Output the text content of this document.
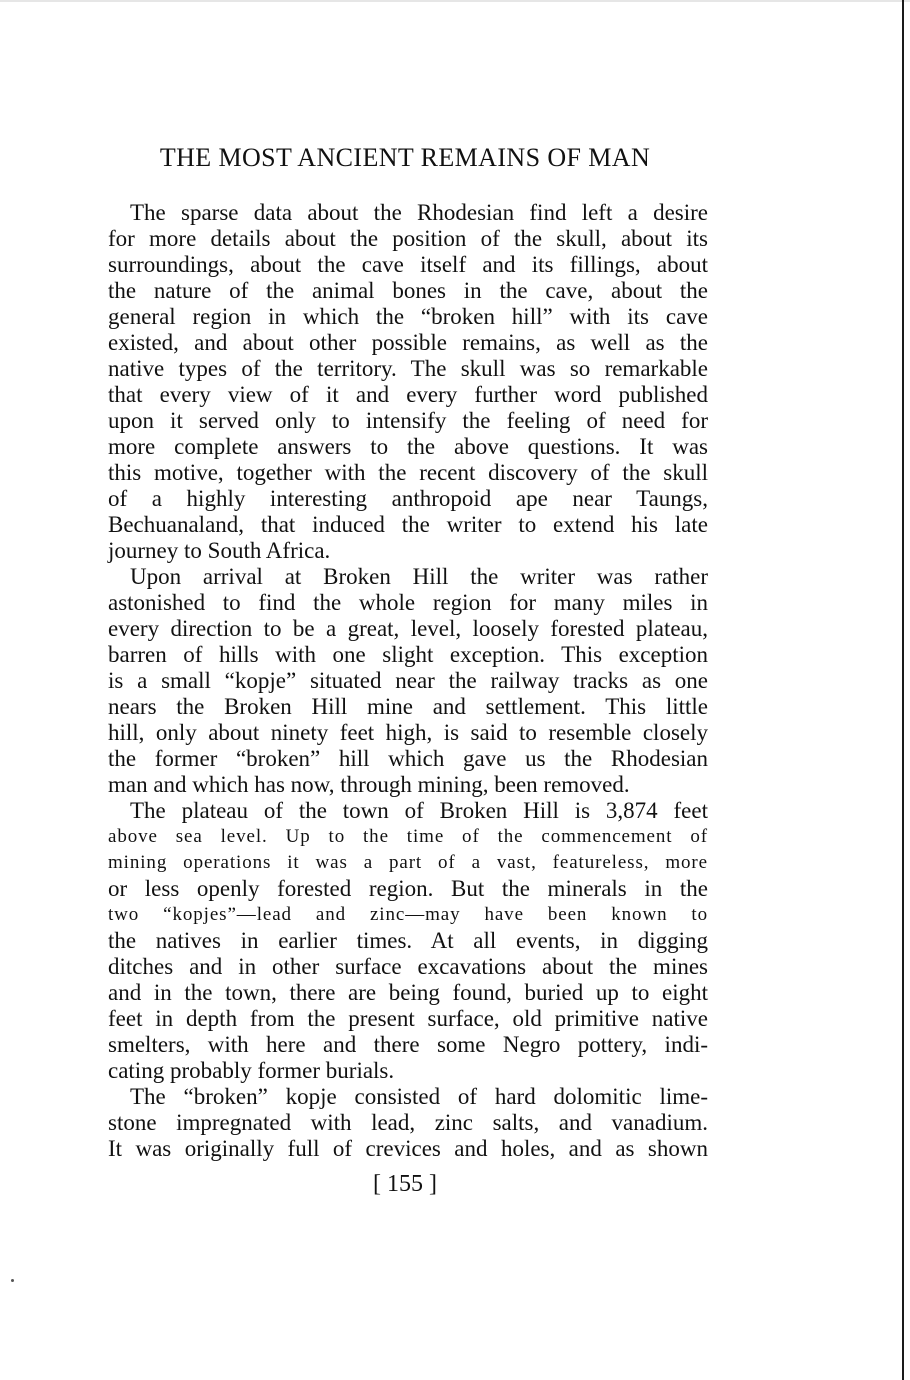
THE MOST ANCIENT REMAINS OF MAN
The sparse data about the Rhodesian find left a desire
for more details about the position of the skull, about its
surroundings, about the cave itself and its fillings, about
the nature of the animal bones in the cave, about the
general region in which the “broken hill” with its cave
existed, and about other possible remains, as well as the
native types of the territory. The skull was so remarkable
that every view of it and every further word published
upon it served only to intensify the feeling of need for
more complete answers to the above questions. It was
this motive, together with the recent discovery of the skull
of a highly interesting anthropoid ape near Taungs,
Bechuanaland, that induced the writer to extend his late
journey to South Africa.
Upon arrival at Broken Hill the writer was rather
astonished to find the whole region for many miles in
every direction to be a great, level, loosely forested plateau,
barren of hills with one slight exception. This exception
is a small “kopje” situated near the railway tracks as one
nears the Broken Hill mine and settlement. This little
hill, only about ninety feet high, is said to resemble closely
the former “broken” hill which gave us the Rhodesian
man and which has now, through mining, been removed.
The plateau of the town of Broken Hill is 3,874 feet
above sea level. Up to the time of the commencement of
mining operations it was a part of a vast, featureless, more
or less openly forested region. But the minerals in the
two “kopjes”—lead and zinc—may have been known to
the natives in earlier times. At all events, in digging
ditches and in other surface excavations about the mines
and in the town, there are being found, buried up to eight
feet in depth from the present surface, old primitive native
smelters, with here and there some Negro pottery, indi-
cating probably former burials.
The “broken” kopje consisted of hard dolomitic lime-
stone impregnated with lead, zinc salts, and vanadium.
It was originally full of crevices and holes, and as shown
[ 155 ]
